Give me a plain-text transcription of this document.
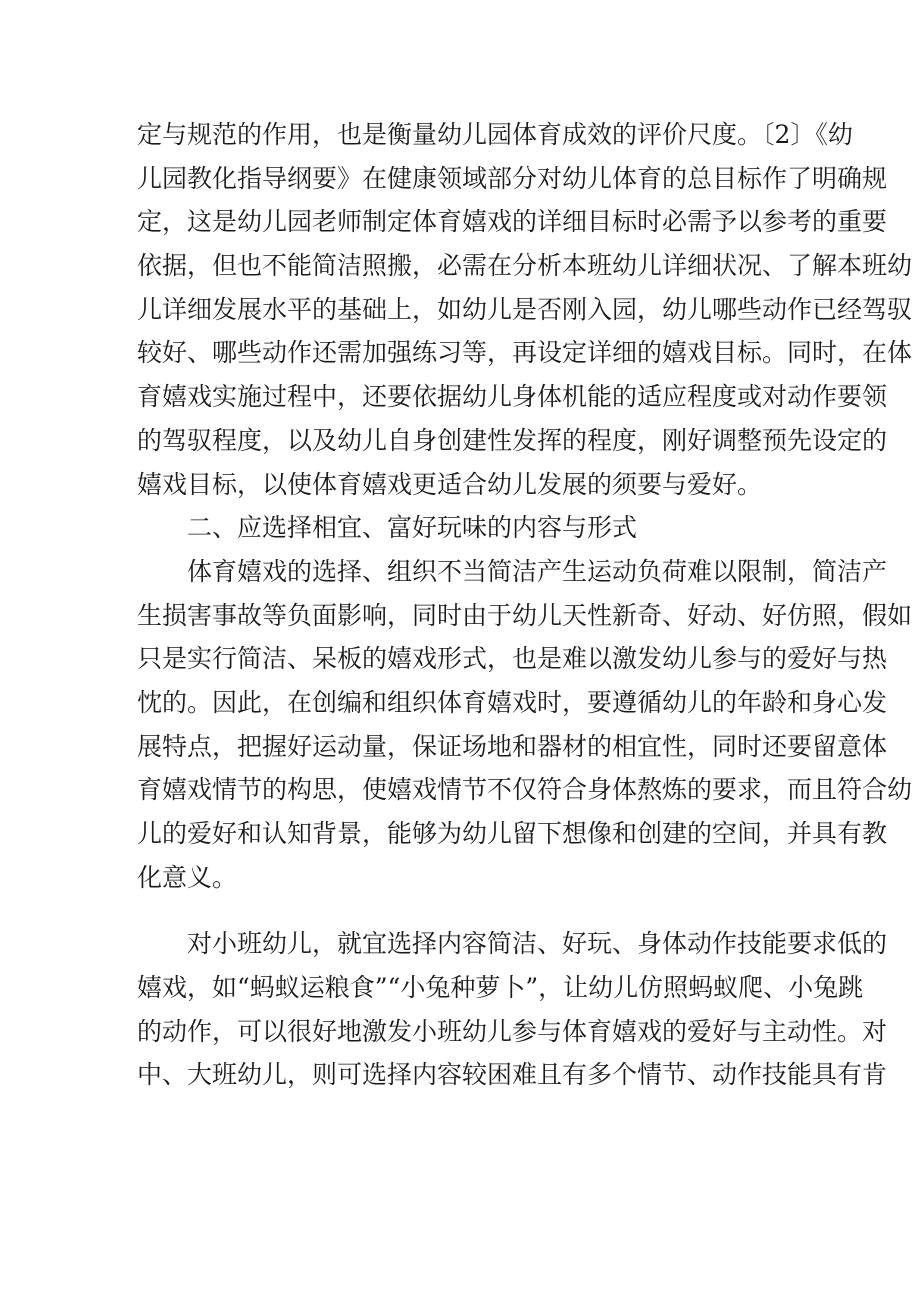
定与规范的作用，也是衡量幼儿园体育成效的评价尺度。〔2〕《幼
儿园教化指导纲要》在健康领域部分对幼儿体育的总目标作了明确规
定，这是幼儿园老师制定体育嬉戏的详细目标时必需予以参考的重要
依据，但也不能简洁照搬，必需在分析本班幼儿详细状况、了解本班幼
儿详细发展水平的基础上，如幼儿是否刚入园，幼儿哪些动作已经驾驭
较好、哪些动作还需加强练习等，再设定详细的嬉戏目标。同时，在体
育嬉戏实施过程中，还要依据幼儿身体机能的适应程度或对动作要领
的驾驭程度，以及幼儿自身创建性发挥的程度，刚好调整预先设定的
嬉戏目标，以使体育嬉戏更适合幼儿发展的须要与爱好。
二、应选择相宜、富好玩味的内容与形式
体育嬉戏的选择、组织不当简洁产生运动负荷难以限制，简洁产
生损害事故等负面影响，同时由于幼儿天性新奇、好动、好仿照，假如
只是实行简洁、呆板的嬉戏形式，也是难以激发幼儿参与的爱好与热
忱的。因此，在创编和组织体育嬉戏时，要遵循幼儿的年龄和身心发
展特点，把握好运动量，保证场地和器材的相宜性，同时还要留意体
育嬉戏情节的构思，使嬉戏情节不仅符合身体熬炼的要求，而且符合幼
儿的爱好和认知背景，能够为幼儿留下想像和创建的空间，并具有教
化意义。
对小班幼儿，就宜选择内容简洁、好玩、身体动作技能要求低的
嬉戏，如“蚂蚁运粮食”“小兔种萝卜”，让幼儿仿照蚂蚁爬、小兔跳
的动作，可以很好地激发小班幼儿参与体育嬉戏的爱好与主动性。对
中、大班幼儿，则可选择内容较困难且有多个情节、动作技能具有肯
